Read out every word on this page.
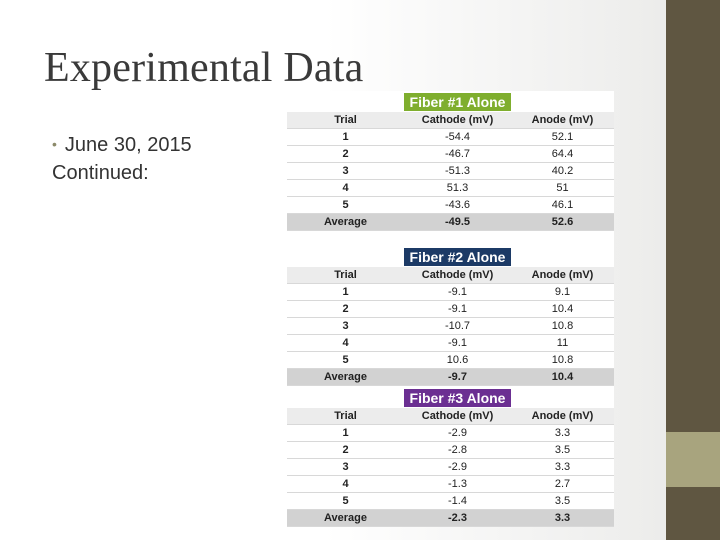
Experimental Data
• June 30, 2015
Continued:
Fiber #1 Alone
Trial	Cathode (mV)	Anode (mV)
1	-54.4	52.1
2	-46.7	64.4
3	-51.3	40.2
4	51.3	51
5	-43.6	46.1
Average	-49.5	52.6
Fiber #2 Alone
Trial	Cathode (mV)	Anode (mV)
1	-9.1	9.1
2	-9.1	10.4
3	-10.7	10.8
4	-9.1	11
5	10.6	10.8
Average	-9.7	10.4
Fiber #3 Alone
Trial	Cathode (mV)	Anode (mV)
1	-2.9	3.3
2	-2.8	3.5
3	-2.9	3.3
4	-1.3	2.7
5	-1.4	3.5
Average	-2.3	3.3
